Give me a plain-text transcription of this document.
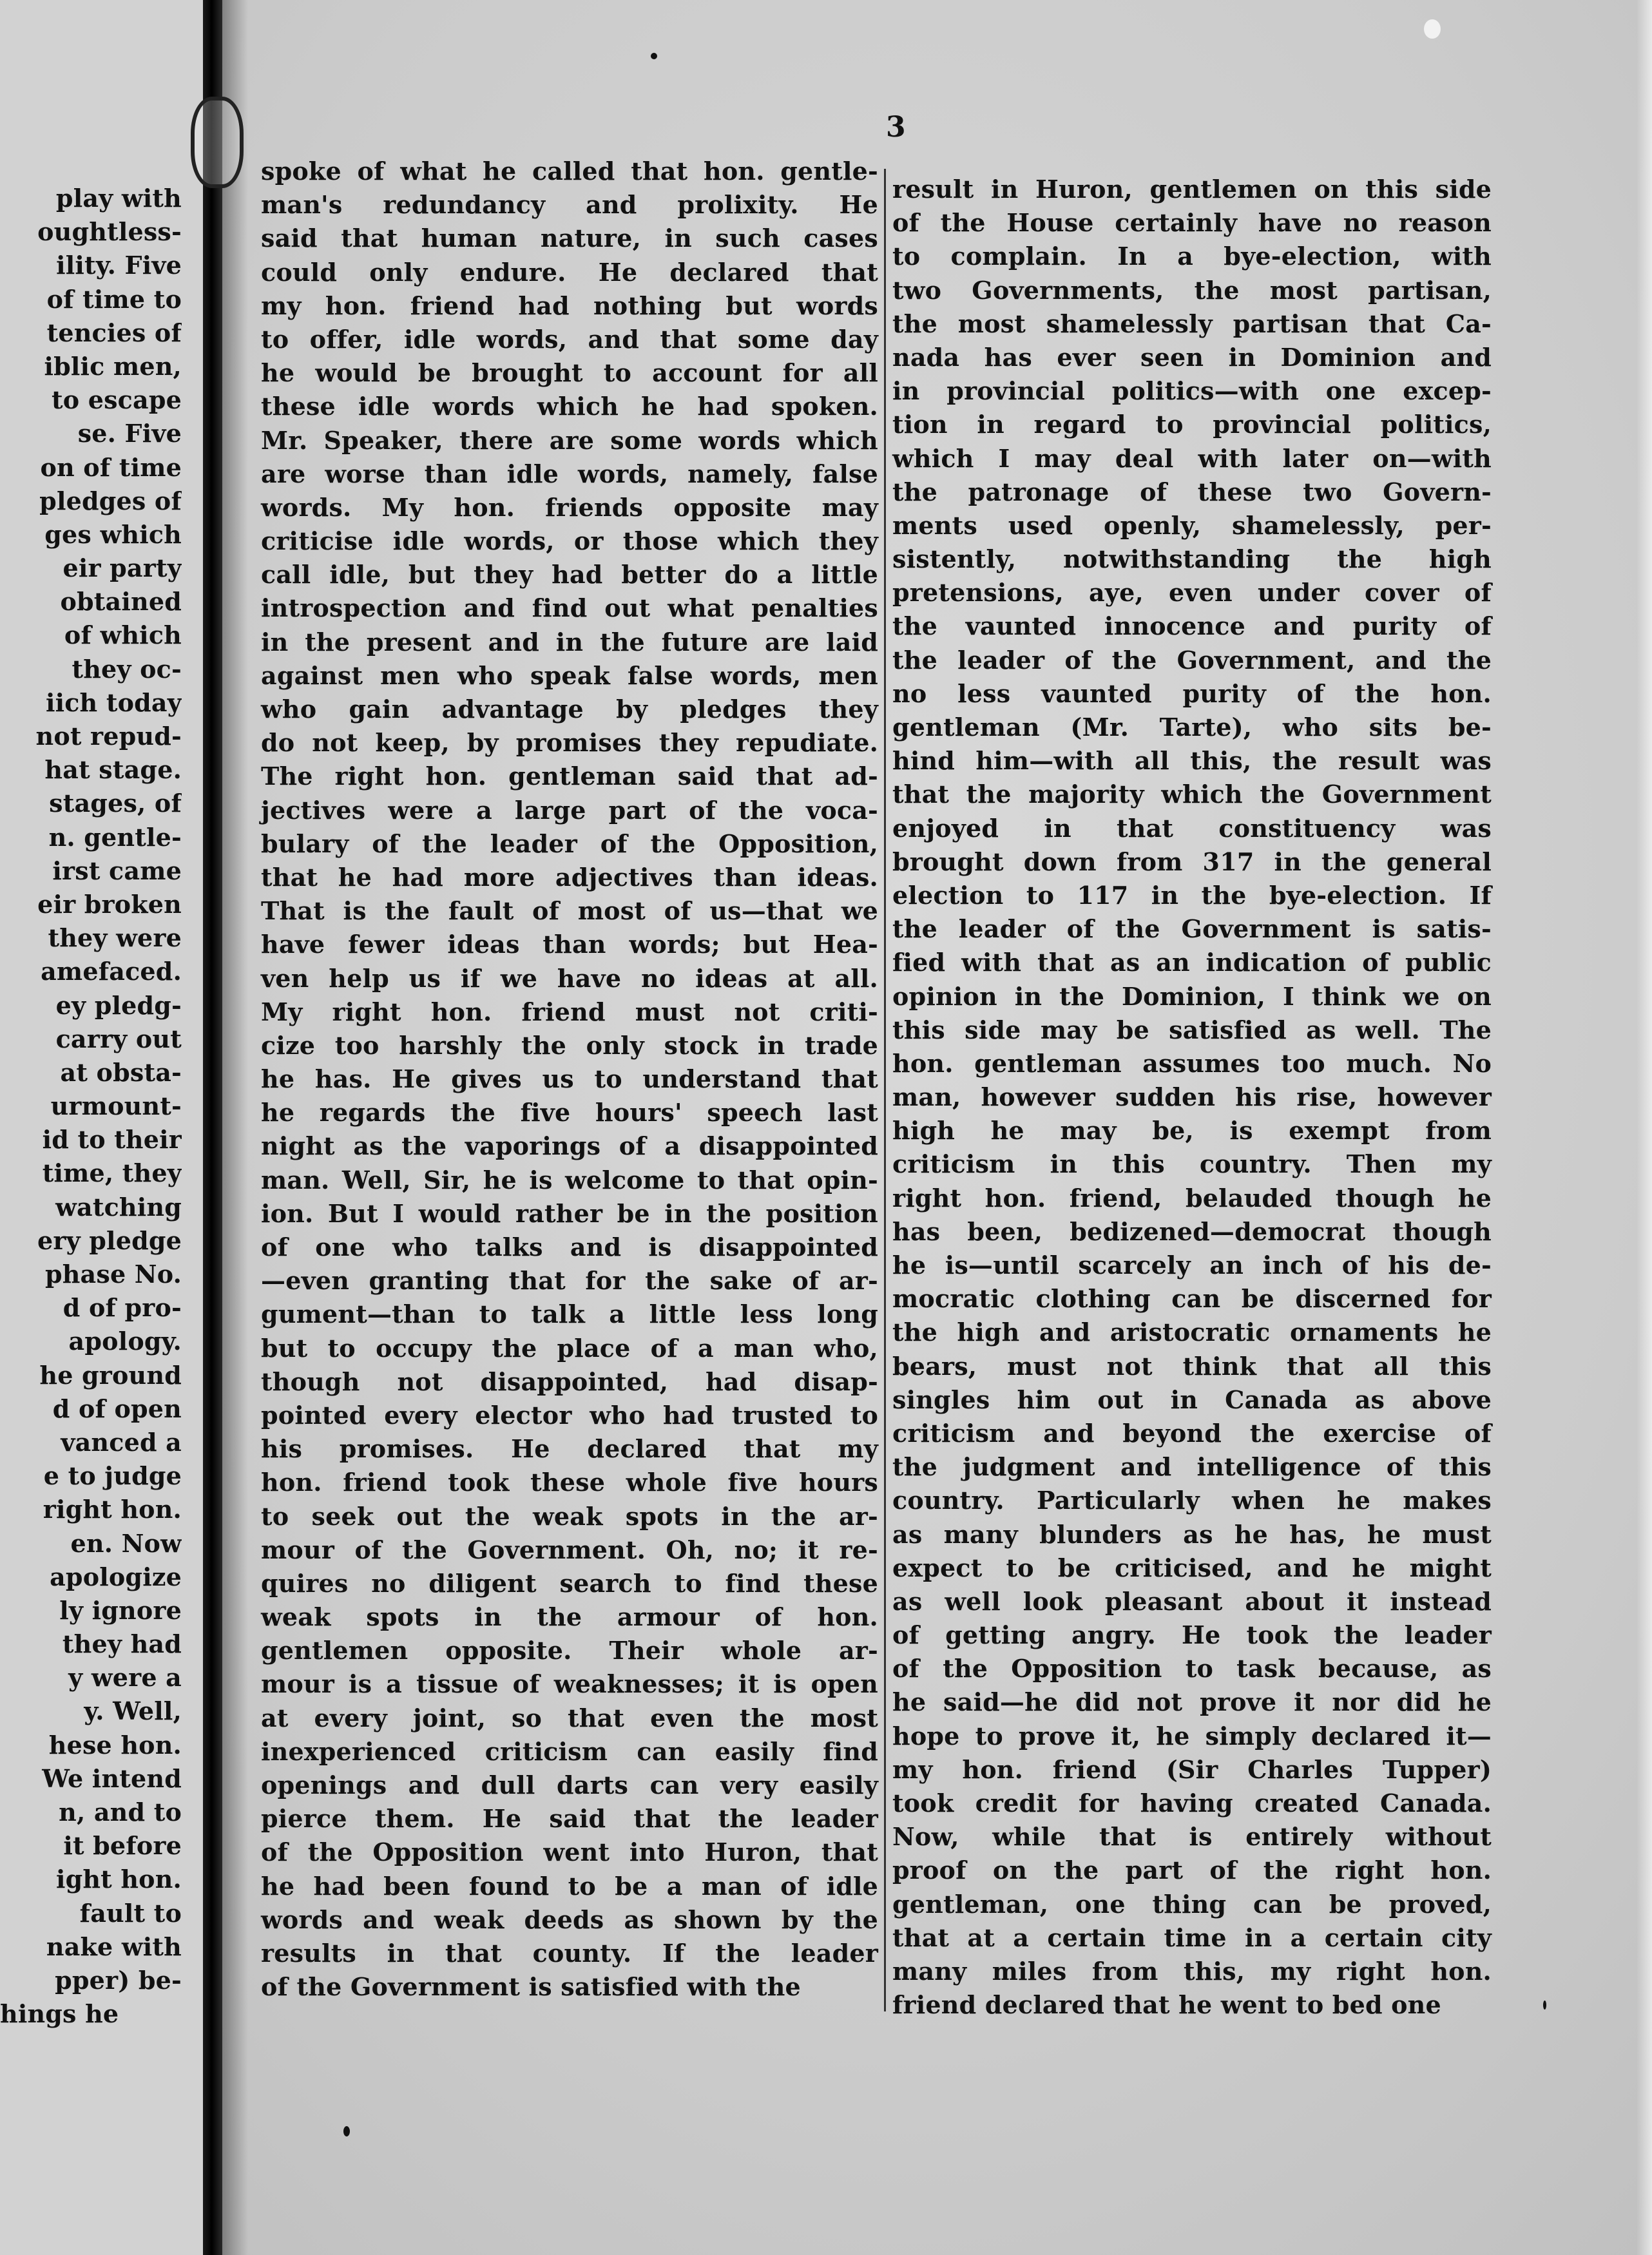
3
play with
oughtless-
ility. Five
of time to
tencies of
iblic men,
to escape
se. Five
on of time
pledges of
ges which
eir party
obtained
of which
they oc-
iich today
not repud-
hat stage.
stages, of
n. gentle-
irst came
eir broken
they were
amefaced.
ey pledg-
carry out
at obsta-
urmount-
id to their
time, they
watching
ery pledge
phase No.
d of pro-
apology.
he ground
d of open
vanced a
e to judge
right hon.
en. Now
apologize
ly ignore
they had
y were a
y. Well,
hese hon.
We intend
n, and to
it before
ight hon.
fault to
nake with
pper) be-
hings he
spoke of what he called that hon. gentle-
man's redundancy and prolixity. He
said that human nature, in such cases
could only endure. He declared that
my hon. friend had nothing but words
to offer, idle words, and that some day
he would be brought to account for all
these idle words which he had spoken.
Mr. Speaker, there are some words which
are worse than idle words, namely, false
words. My hon. friends opposite may
criticise idle words, or those which they
call idle, but they had better do a little
introspection and find out what penalties
in the present and in the future are laid
against men who speak false words, men
who gain advantage by pledges they
do not keep, by promises they repudiate.
The right hon. gentleman said that ad-
jectives were a large part of the voca-
bulary of the leader of the Opposition,
that he had more adjectives than ideas.
That is the fault of most of us—that we
have fewer ideas than words; but Hea-
ven help us if we have no ideas at all.
My right hon. friend must not criti-
cize too harshly the only stock in trade
he has. He gives us to understand that
he regards the five hours' speech last
night as the vaporings of a disappointed
man. Well, Sir, he is welcome to that opin-
ion. But I would rather be in the position
of one who talks and is disappointed
—even granting that for the sake of ar-
gument—than to talk a little less long
but to occupy the place of a man who,
though not disappointed, had disap-
pointed every elector who had trusted to
his promises. He declared that my
hon. friend took these whole five hours
to seek out the weak spots in the ar-
mour of the Government. Oh, no; it re-
quires no diligent search to find these
weak spots in the armour of hon.
gentlemen opposite. Their whole ar-
mour is a tissue of weaknesses; it is open
at every joint, so that even the most
inexperienced criticism can easily find
openings and dull darts can very easily
pierce them. He said that the leader
of the Opposition went into Huron, that
he had been found to be a man of idle
words and weak deeds as shown by the
results in that county. If the leader
of the Government is satisfied with the
result in Huron, gentlemen on this side
of the House certainly have no reason
to complain. In a bye-election, with
two Governments, the most partisan,
the most shamelessly partisan that Ca-
nada has ever seen in Dominion and
in provincial politics—with one excep-
tion in regard to provincial politics,
which I may deal with later on—with
the patronage of these two Govern-
ments used openly, shamelessly, per-
sistently, notwithstanding the high
pretensions, aye, even under cover of
the vaunted innocence and purity of
the leader of the Government, and the
no less vaunted purity of the hon.
gentleman (Mr. Tarte), who sits be-
hind him—with all this, the result was
that the majority which the Government
enjoyed in that constituency was
brought down from 317 in the general
election to 117 in the bye-election. If
the leader of the Government is satis-
fied with that as an indication of public
opinion in the Dominion, I think we on
this side may be satisfied as well. The
hon. gentleman assumes too much. No
man, however sudden his rise, however
high he may be, is exempt from
criticism in this country. Then my
right hon. friend, belauded though he
has been, bedizened—democrat though
he is—until scarcely an inch of his de-
mocratic clothing can be discerned for
the high and aristocratic ornaments he
bears, must not think that all this
singles him out in Canada as above
criticism and beyond the exercise of
the judgment and intelligence of this
country. Particularly when he makes
as many blunders as he has, he must
expect to be criticised, and he might
as well look pleasant about it instead
of getting angry. He took the leader
of the Opposition to task because, as
he said—he did not prove it nor did he
hope to prove it, he simply declared it—
my hon. friend (Sir Charles Tupper)
took credit for having created Canada.
Now, while that is entirely without
proof on the part of the right hon.
gentleman, one thing can be proved,
that at a certain time in a certain city
many miles from this, my right hon.
friend declared that he went to bed one
